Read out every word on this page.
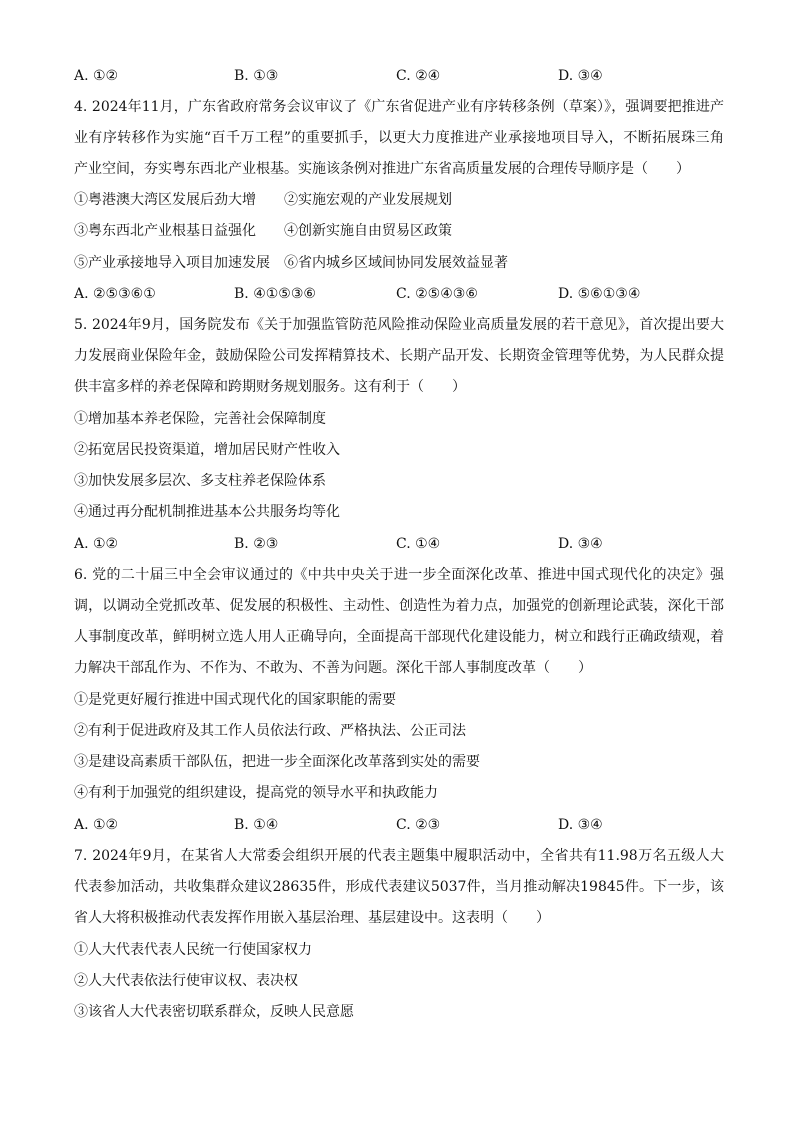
A. ①②	B. ①③	C. ②④	D. ③④
4. 2024年11月，广东省政府常务会议审议了《广东省促进产业有序转移条例（草案）》，强调要把推进产
业有序转移作为实施“百千万工程”的重要抓手，以更大力度推进产业承接地项目导入，不断拓展珠三角
产业空间，夯实粤东西北产业根基。实施该条例对推进广东省高质量发展的合理传导顺序是（　　）
①粤港澳大湾区发展后劲大增　　②实施宏观的产业发展规划
③粤东西北产业根基日益强化　　④创新实施自由贸易区政策
⑤产业承接地导入项目加速发展　⑥省内城乡区域间协同发展效益显著
A. ②⑤③⑥①	B. ④①⑤③⑥	C. ②⑤④③⑥	D. ⑤⑥①③④
5. 2024年9月，国务院发布《关于加强监管防范风险推动保险业高质量发展的若干意见》，首次提出要大
力发展商业保险年金，鼓励保险公司发挥精算技术、长期产品开发、长期资金管理等优势，为人民群众提
供丰富多样的养老保障和跨期财务规划服务。这有利于（　　）
①增加基本养老保险，完善社会保障制度
②拓宽居民投资渠道，增加居民财产性收入
③加快发展多层次、多支柱养老保险体系
④通过再分配机制推进基本公共服务均等化
A. ①②	B. ②③	C. ①④	D. ③④
6. 党的二十届三中全会审议通过的《中共中央关于进一步全面深化改革、推进中国式现代化的决定》强
调，以调动全党抓改革、促发展的积极性、主动性、创造性为着力点，加强党的创新理论武装，深化干部
人事制度改革，鲜明树立选人用人正确导向，全面提高干部现代化建设能力，树立和践行正确政绩观，着
力解决干部乱作为、不作为、不敢为、不善为问题。深化干部人事制度改革（　　）
①是党更好履行推进中国式现代化的国家职能的需要
②有利于促进政府及其工作人员依法行政、严格执法、公正司法
③是建设高素质干部队伍，把进一步全面深化改革落到实处的需要
④有利于加强党的组织建设，提高党的领导水平和执政能力
A. ①②	B. ①④	C. ②③	D. ③④
7. 2024年9月，在某省人大常委会组织开展的代表主题集中履职活动中，全省共有11.98万名五级人大
代表参加活动，共收集群众建议28635件，形成代表建议5037件，当月推动解决19845件。下一步，该
省人大将积极推动代表发挥作用嵌入基层治理、基层建设中。这表明（　　）
①人大代表代表人民统一行使国家权力
②人大代表依法行使审议权、表决权
③该省人大代表密切联系群众，反映人民意愿
